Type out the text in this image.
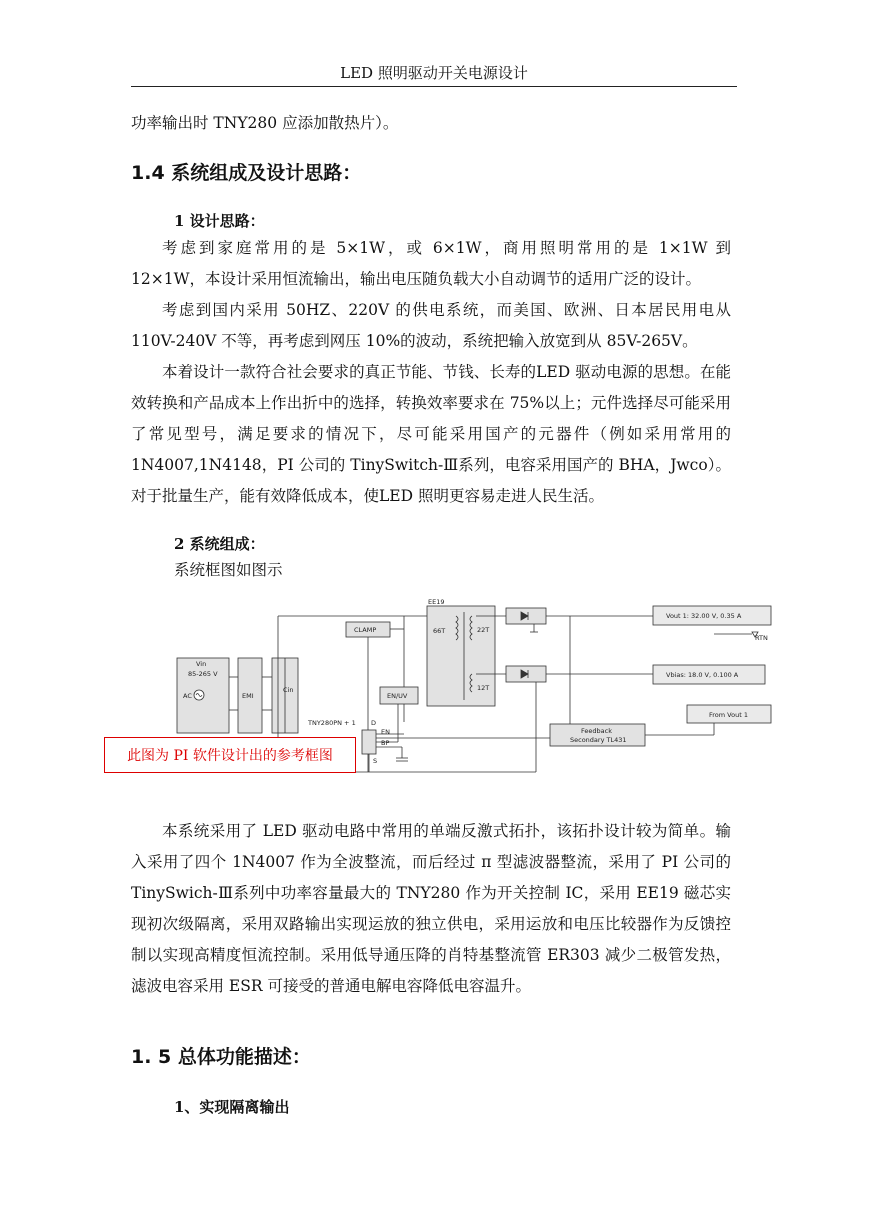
LED 照明驱动开关电源设计
功率输出时 TNY280 应添加散热片）。
1.4 系统组成及设计思路：
1 设计思路：
考虑到家庭常用的是 5×1W，或 6×1W，商用照明常用的是 1×1W 到 12×1W，本设计采用恒流输出，输出电压随负载大小自动调节的适用广泛的设计。
考虑到国内采用 50HZ、220V 的供电系统，而美国、欧洲、日本居民用电从 110V-240V 不等，再考虑到网压 10%的波动，系统把输入放宽到从 85V-265V。
本着设计一款符合社会要求的真正节能、节钱、长寿的LED 驱动电源的思想。在能效转换和产品成本上作出折中的选择，转换效率要求在 75%以上；元件选择尽可能采用了常见型号，满足要求的情况下，尽可能采用国产的元器件（例如采用常用的 1N4007,1N4148，PI 公司的 TinySwitch-Ⅲ系列，电容采用国产的 BHA，Jwco）。对于批量生产，能有效降低成本，使LED 照明更容易走进人民生活。
2 系统组成：
系统框图如图示
EE19
CLAMP	66T	22T
12T
Vin
85-265 V
AC	EMI
Cin
EN/UV
TNY280PN + 1 D
EN
BP
S
Vout 1: 32.00 V, 0.35 A
RTN
Vbias: 18.0 V, 0.100 A
From Vout 1
Feedback
Secondary TL431
此图为 PI 软件设计出的参考框图
本系统采用了 LED 驱动电路中常用的单端反激式拓扑，该拓扑设计较为简单。输入采用了四个 1N4007 作为全波整流，而后经过 π 型滤波器整流，采用了 PI 公司的 TinySwich-Ⅲ系列中功率容量最大的 TNY280 作为开关控制 IC，采用 EE19 磁芯实现初次级隔离，采用双路输出实现运放的独立供电，采用运放和电压比较器作为反馈控制以实现高精度恒流控制。采用低导通压降的肖特基整流管 ER303 减少二极管发热，滤波电容采用 ESR 可接受的普通电解电容降低电容温升。
1. 5 总体功能描述：
1、实现隔离输出
